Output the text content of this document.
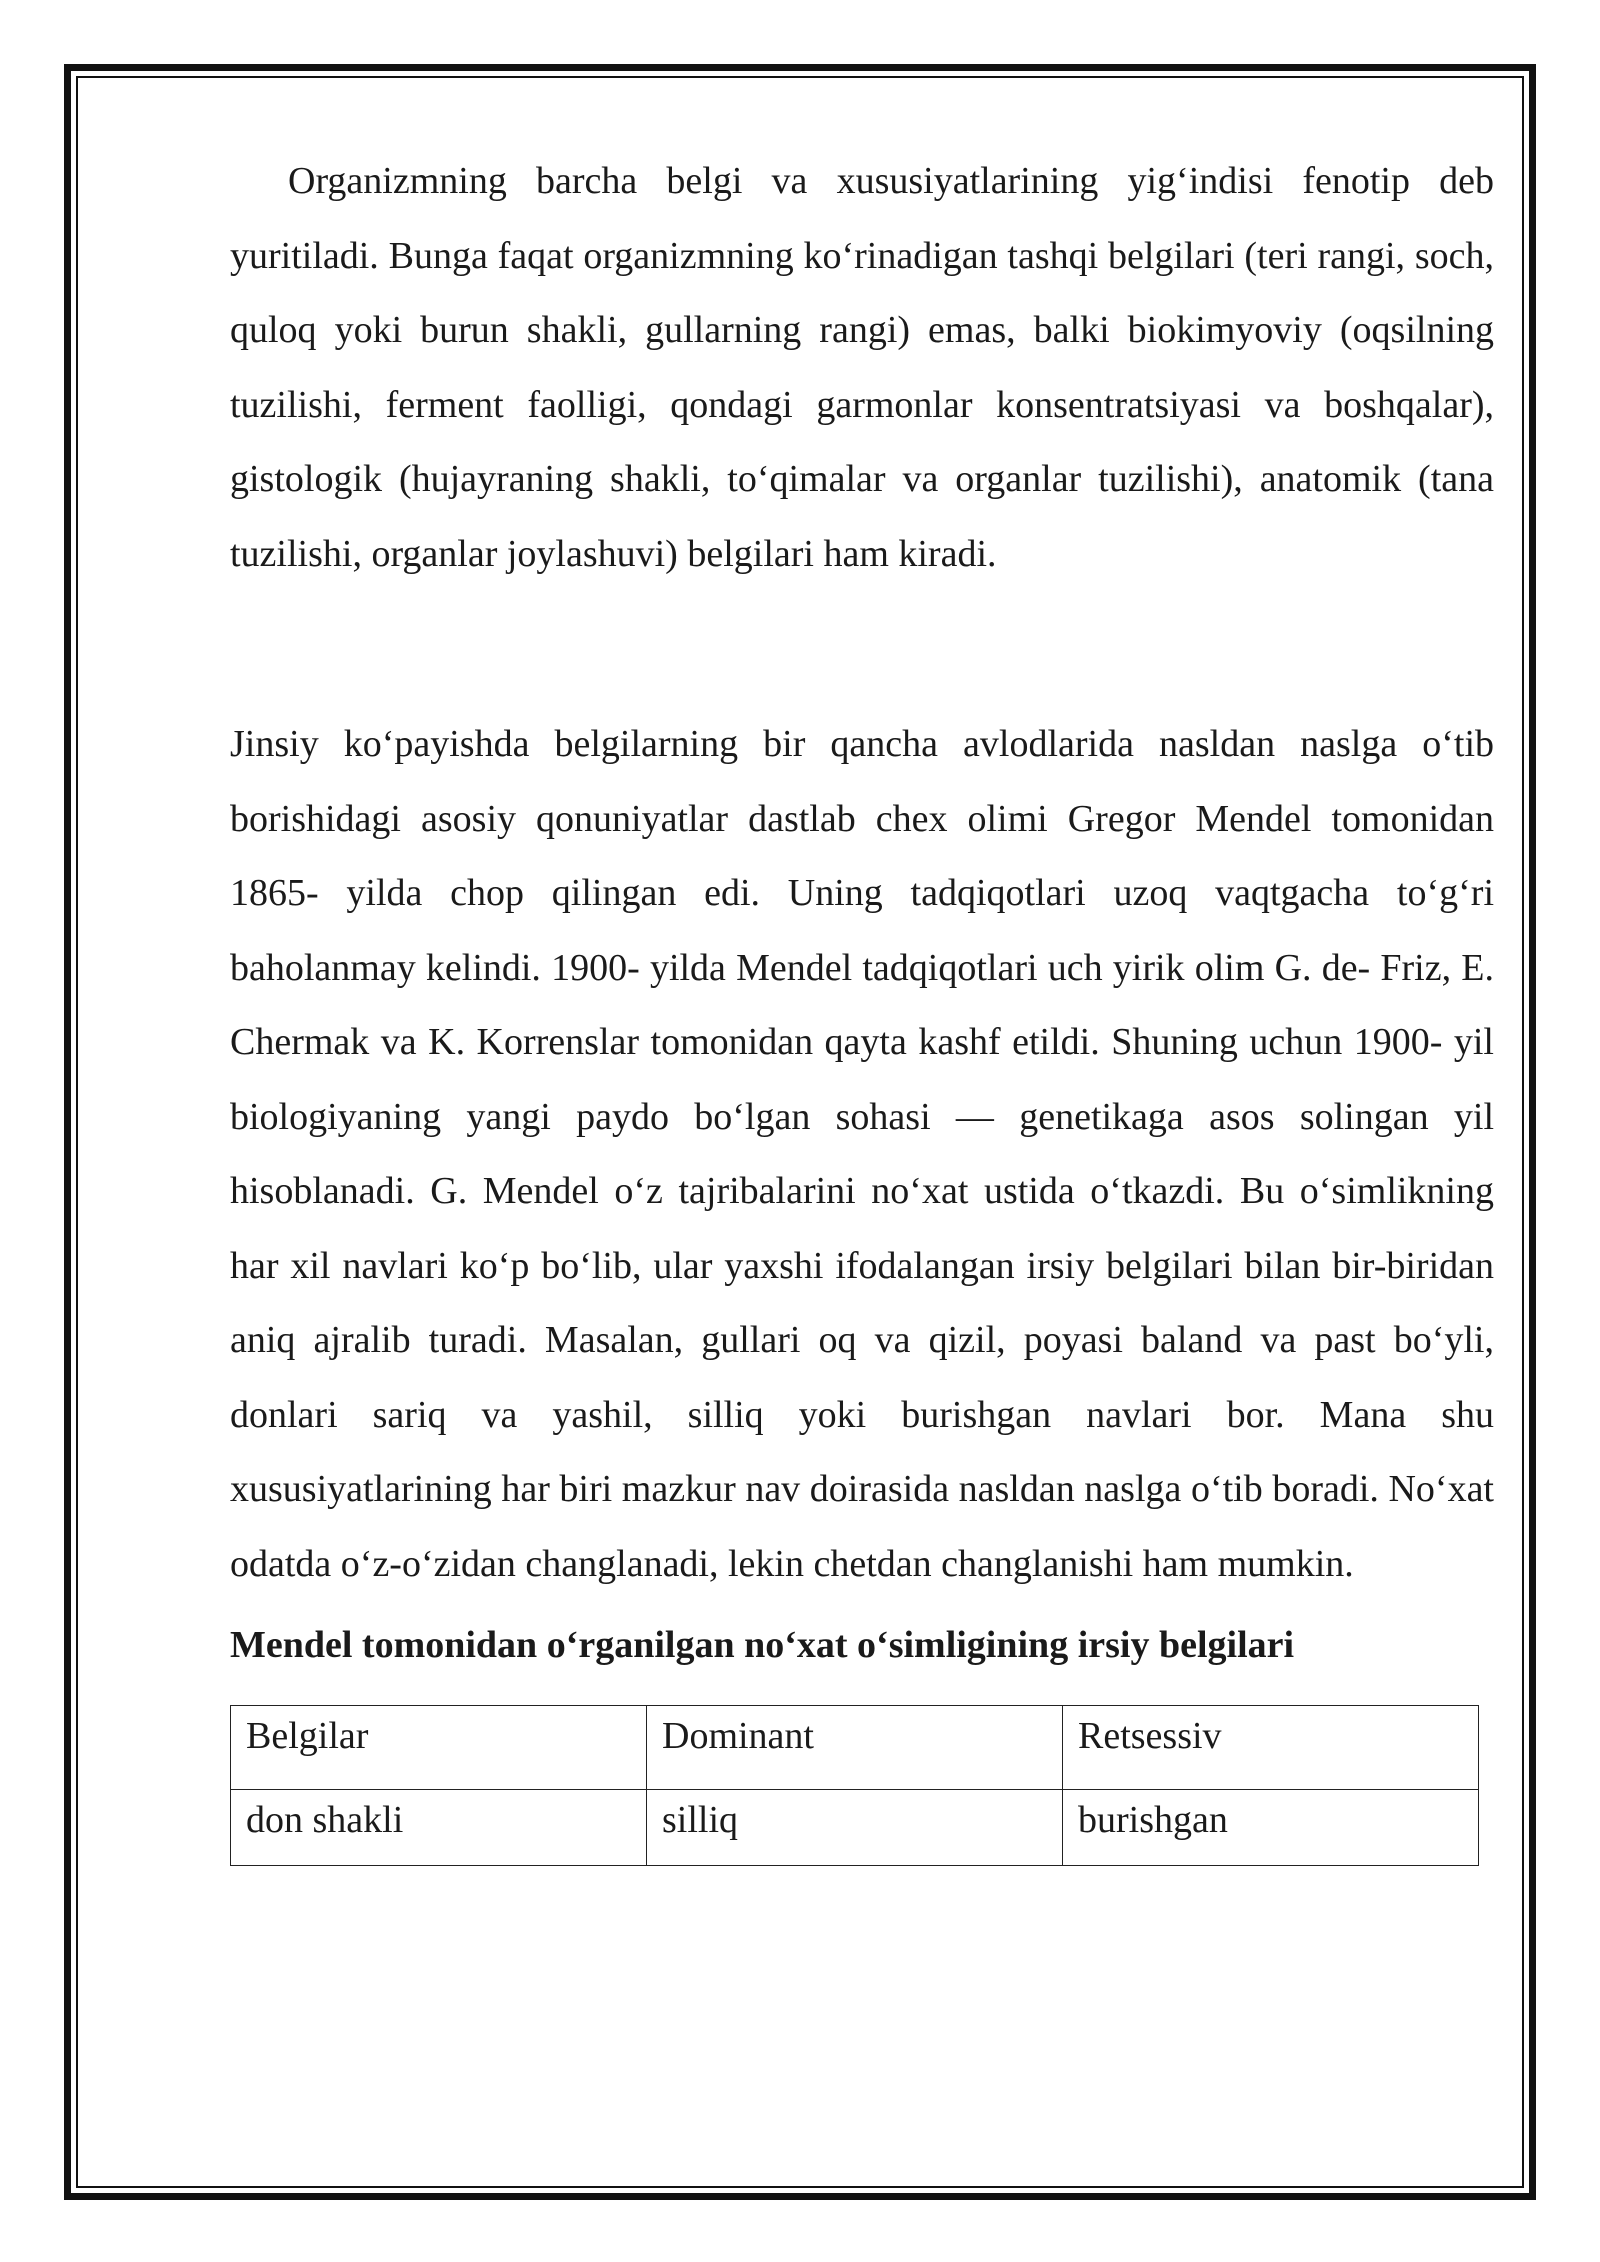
Organizmning barcha belgi va xususiyatlarining yig‘indisi fenotip deb yuritiladi. Bunga faqat organizmning ko‘rinadigan tashqi belgilari (teri rangi, soch, quloq yoki burun shakli, gullarning rangi) emas, balki biokimyoviy (oqsilning tuzilishi, ferment faolligi, qondagi garmonlar konsentratsiyasi va boshqalar), gistologik (hujayraning shakli, to‘qimalar va organlar tuzilishi), anatomik (tana tuzilishi, organlar joylashuvi) belgilari ham kiradi.

Jinsiy ko‘payishda belgilarning bir qancha avlodlarida nasldan naslga o‘tib borishidagi asosiy qonuniyatlar dastlab chex olimi Gregor Mendel tomonidan 1865- yilda chop qilingan edi. Uning tadqiqotlari uzoq vaqtgacha to‘g‘ri baholanmay kelindi. 1900- yilda Mendel tadqiqotlari uch yirik olim G. de- Friz, E. Chermak va K. Korrenslar tomonidan qayta kashf etildi. Shuning uchun 1900- yil biologiyaning yangi paydo bo‘lgan sohasi — genetikaga asos solingan yil hisoblanadi. G. Mendel o‘z tajribalarini no‘xat ustida o‘tkazdi. Bu o‘simlikning har xil navlari ko‘p bo‘lib, ular yaxshi ifodalangan irsiy belgilari bilan bir-biridan aniq ajralib turadi. Masalan, gullari oq va qizil, poyasi baland va past bo‘yli, donlari sariq va yashil, silliq yoki burishgan navlari bor. Mana shu xususiyatlarining har biri mazkur nav doirasida nasldan naslga o‘tib boradi. No‘xat odatda o‘z-o‘zidan changlanadi, lekin chetdan changlanishi ham mumkin.

Mendel tomonidan o‘rganilgan no‘xat o‘simligining irsiy belgilari

Belgilar	Dominant	Retsessiv
don shakli	silliq	burishgan
